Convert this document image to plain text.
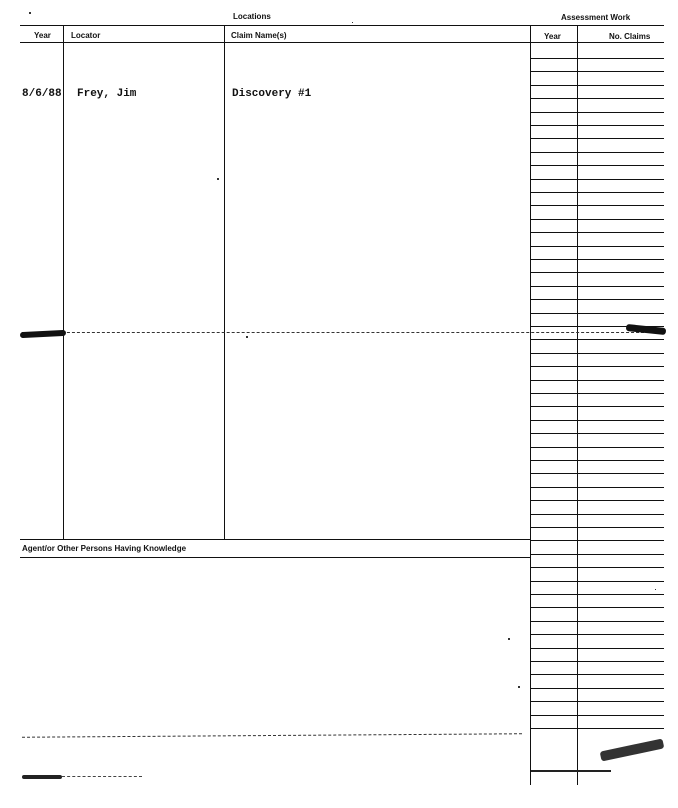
Locations	Assessment Work
Year	Locator	Claim Name(s)	Year	No. Claims
Agent/or Other Persons Having Knowledge
8/6/88 Frey, Jim	Discovery #1
